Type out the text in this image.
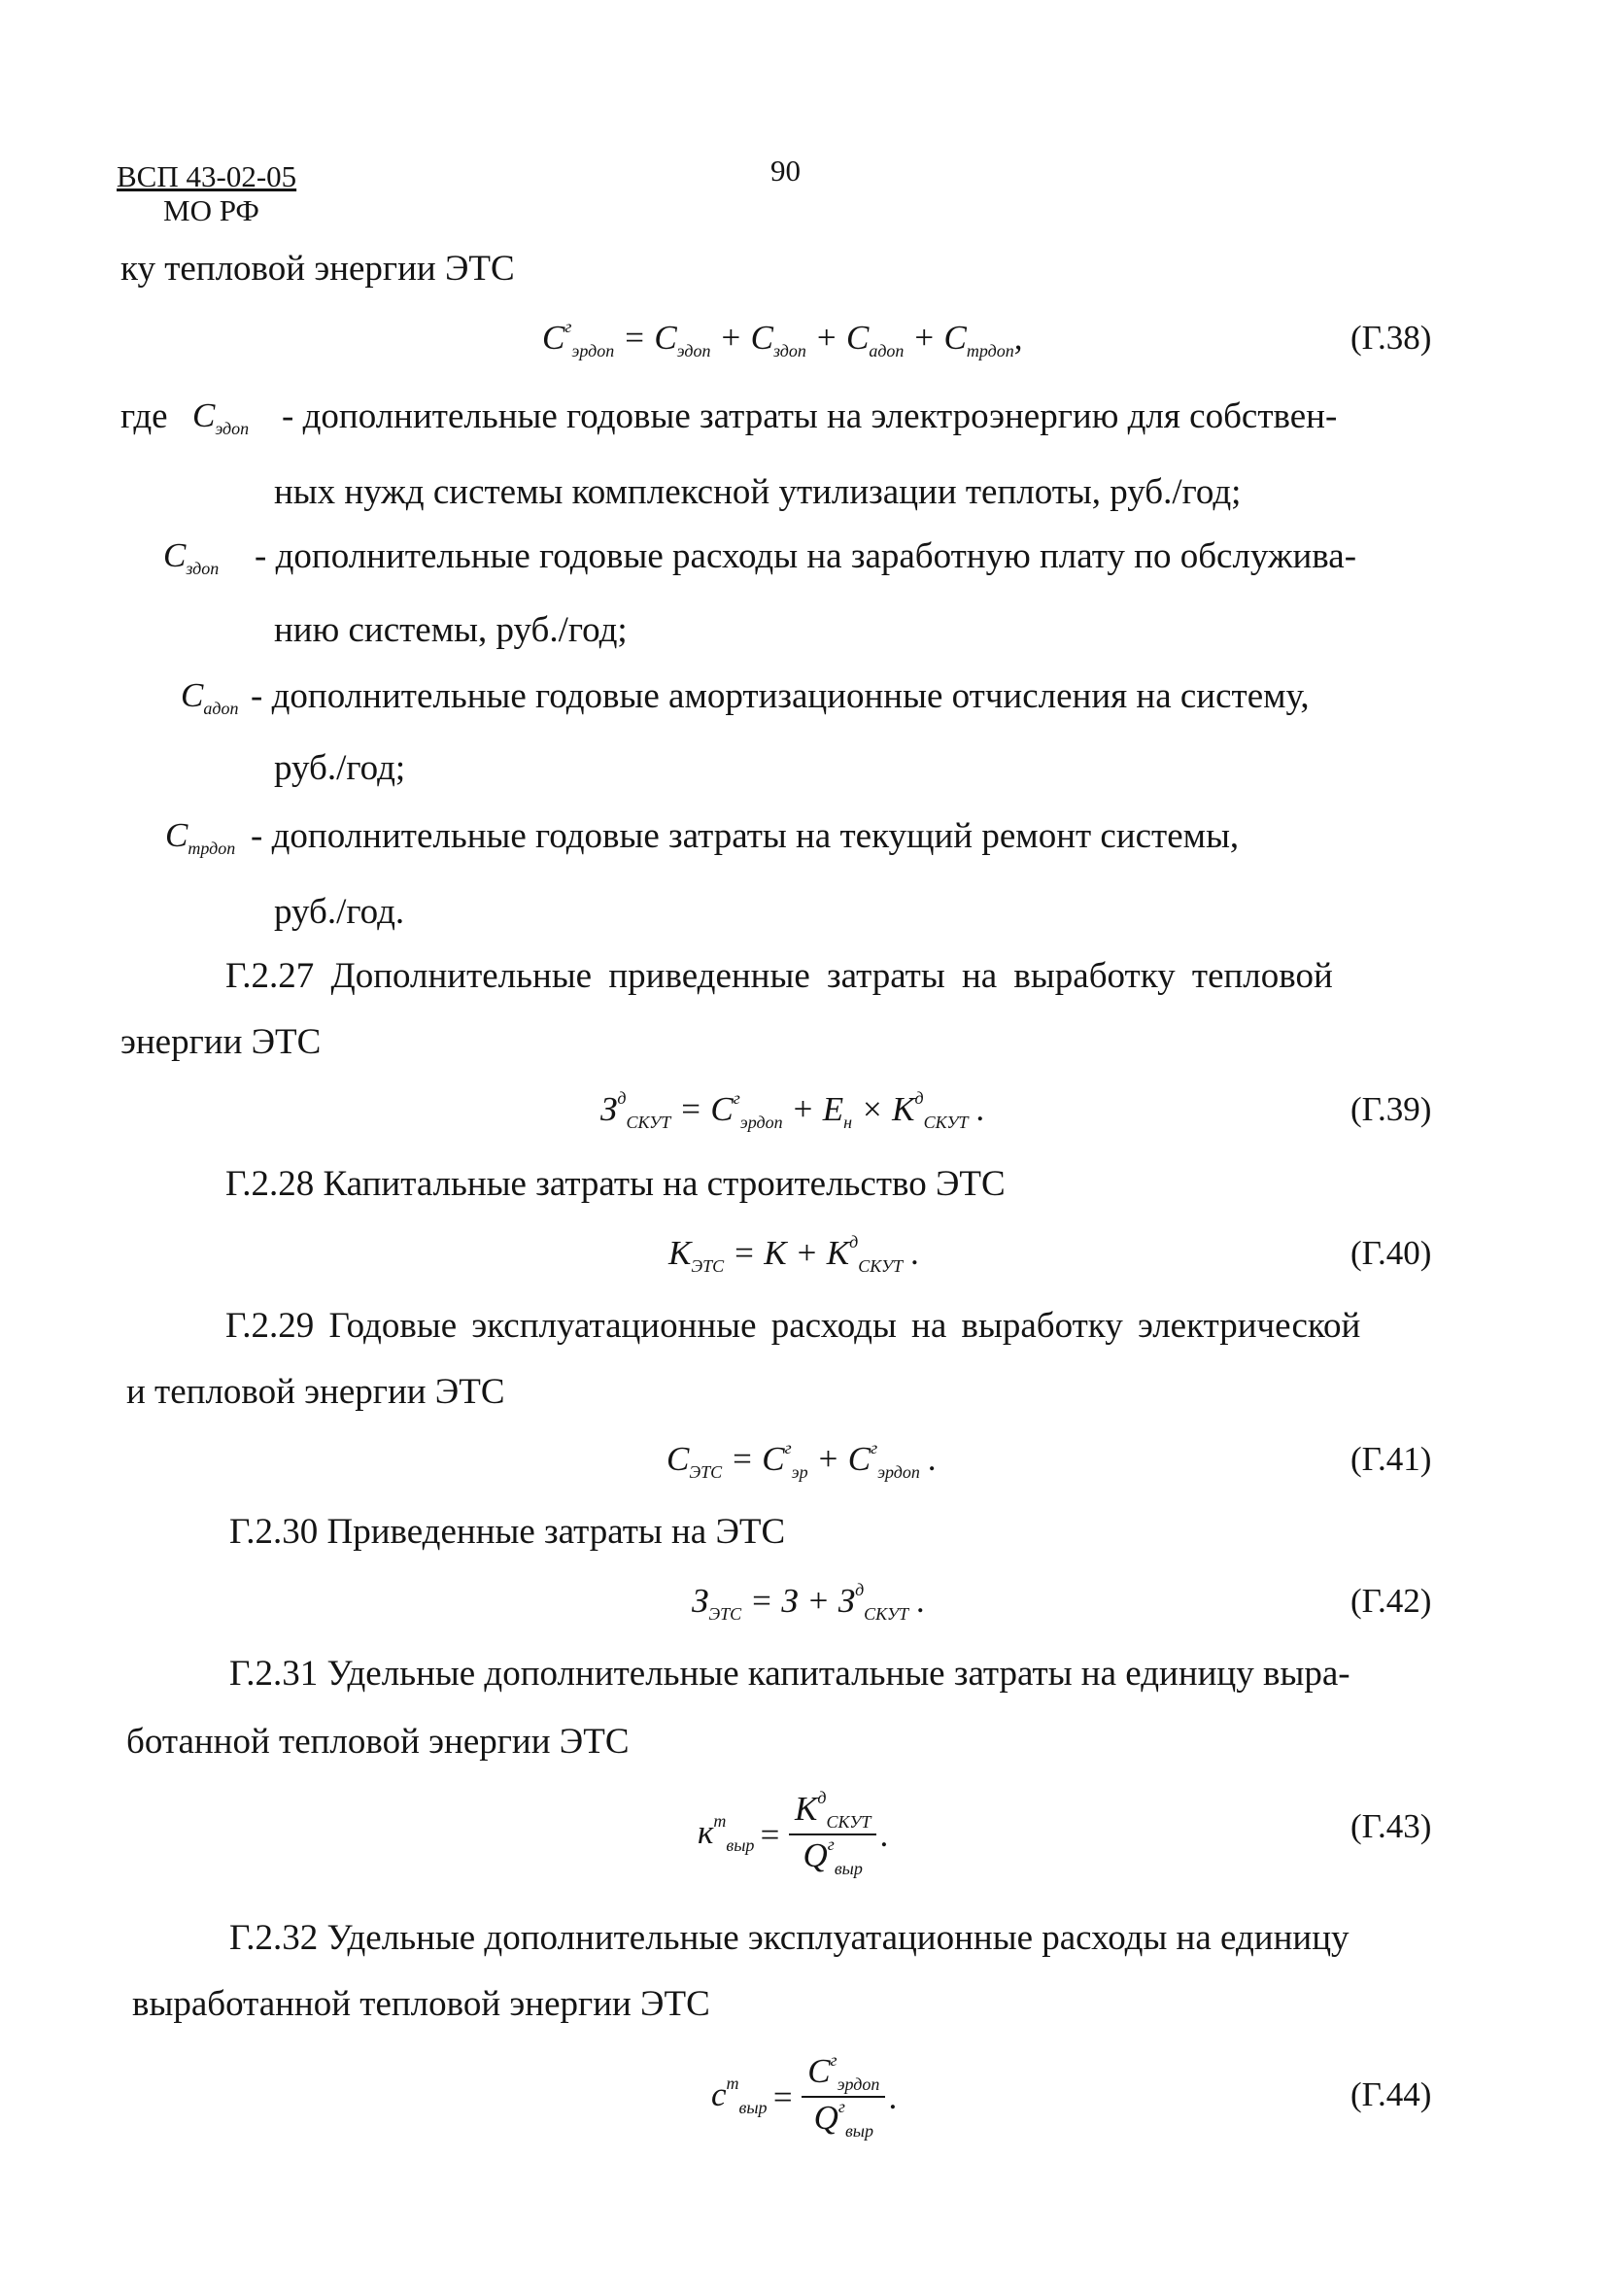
ВСП 43-02-05
МО РФ
90
ку тепловой энергии ЭТС
$C^г_{эрдоп} = C_{эдоп} + C_{здоп} + C_{адоп} + C_{трдоп}$,	(Г.38)
где $C_{эдоп}$ - дополнительные годовые затраты на электроэнергию для собствен-
ных нужд системы комплексной утилизации теплоты, руб./год;
$C_{здоп}$ - дополнительные годовые расходы на заработную плату по обслужива-
нию системы, руб./год;
$C_{адоп}$ - дополнительные годовые амортизационные отчисления на систему,
руб./год;
$C_{трдоп}$ - дополнительные годовые затраты на текущий ремонт системы,
руб./год.
Г.2.27 Дополнительные приведенные затраты на выработку тепловой
энергии ЭТС
$З^д_{СКУТ} = C^г_{эрдоп} + E_н \times K^д_{СКУТ}$ .	(Г.39)
Г.2.28 Капитальные затраты на строительство ЭТС
$K_{ЭТС} = K + K^д_{СКУТ}$ .	(Г.40)
Г.2.29 Годовые эксплуатационные расходы на выработку электрической
и тепловой энергии ЭТС
$C_{ЭТС} = C^г_{эр} + C^г_{эрдоп}$ .	(Г.41)
Г.2.30 Приведенные затраты на ЭТС
$З_{ЭТС} = З + З^д_{СКУТ}$ .	(Г.42)
Г.2.31 Удельные дополнительные капитальные затраты на единицу выра-
ботанной тепловой энергии ЭТС
$к^т_{выр} = \frac{K^д_{СКУТ}}{Q^г_{выр}}$ .	(Г.43)
Г.2.32 Удельные дополнительные эксплуатационные расходы на единицу
выработанной тепловой энергии ЭТС
$c^т_{выр} = \frac{C^г_{эрдоп}}{Q^г_{выр}}$ .	(Г.44)
